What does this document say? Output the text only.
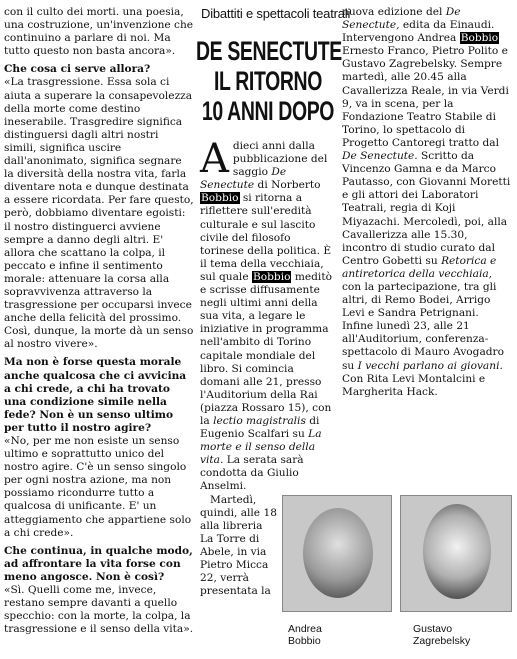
con il culto dei morti. una poesia, una costruzione, un'invenzione che continuino a parlare di noi. Ma tutto questo non basta ancora».

Che cosa ci serve allora?

«La trasgressione. Essa sola ci aiuta a superare la consapevolezza della morte come destino ineserabile. Trasgredire significa distinguersi dagli altri nostri simili, significa uscire dall'anonimato, significa segnare la diversità della nostra vita, farla diventare nota e dunque destinata a essere ricordata. Per fare questo, però, dobbiamo diventare egoisti: il nostro distinguerci avviene sempre a danno degli altri. E' allora che scattano la colpa, il peccato e infine il sentimento morale: attenuare la corsa alla sopravvivenza attraverso la trasgressione per occuparsi invece anche della felicità del prossimo. Così, dunque, la morte dà un senso al nostro vivere».

Ma non è forse questa morale anche qualcosa che ci avvicina a chi crede, a chi ha trovato una condizione simile nella fede? Non è un senso ultimo per tutto il nostro agire?

«No, per me non esiste un senso ultimo e soprattutto unico del nostro agire. C'è un senso singolo per ogni nostra azione, ma non possiamo ricondurre tutto a qualcosa di unificante. E' un atteggiamento che appartiene solo a chi crede».

Che continua, in qualche modo, ad affrontare la vita forse con meno angosce. Non è così?

«Sì. Quelli come me, invece, restano sempre davanti a quello specchio: con la morte, la colpa, la trasgressione e il senso della vita».

Dibattiti e spettacoli teatrali
DE SENECTUTE
IL RITORNO
10 ANNI DOPO

Adieci anni dalla pubblicazione del saggio De Senectute di Norberto Bobbio si ritorna a riflettere sull'eredità culturale e sul lascito civile del filosofo torinese della politica. È il tema della vecchiaia, sul quale Bobbio meditò e scrisse diffusamente negli ultimi anni della sua vita, a legare le iniziative in programma nell'ambito di Torino capitale mondiale del libro. Si comincia domani alle 21, presso l'Auditorium della Rai (piazza Rossaro 15), con la lectio magistralis di Eugenio Scalfari su La morte e il senso della vita. La serata sarà condotta da Giulio Anselmi.

Martedì, quindi, alle 18 alla libreria La Torre di Abele, in via Pietro Micca 22, verrà presentata la

nuova edizione del De Senectute, edita da Einaudi. Intervengono Andrea Bobbio Ernesto Franco, Pietro Polito e Gustavo Zagrebelsky. Sempre martedì, alle 20.45 alla Cavallerizza Reale, in via Verdi 9, va in scena, per la Fondazione Teatro Stabile di Torino, lo spettacolo di Progetto Cantoregi tratto dal De Senectute. Scritto da Vincenzo Gamna e da Marco Pautasso, con Giovanni Moretti e gli attori dei Laboratori Teatrali, regia di Koji Miyazachi. Mercoledì, poi, alla Cavallerizza alle 15.30, incontro di studio curato dal Centro Gobetti su Retorica e antiretorica della vecchiaia, con la partecipazione, tra gli altri, di Remo Bodei, Arrigo Levi e Sandra Petrignani. Infine lunedì 23, alle 21 all'Auditorium, conferenza-spettacolo di Mauro Avogadro su I vecchi parlano ai giovani. Con Rita Levi Montalcini e Margherita Hack.

Andrea
Bobbio
Gustavo
Zagrebelsky
